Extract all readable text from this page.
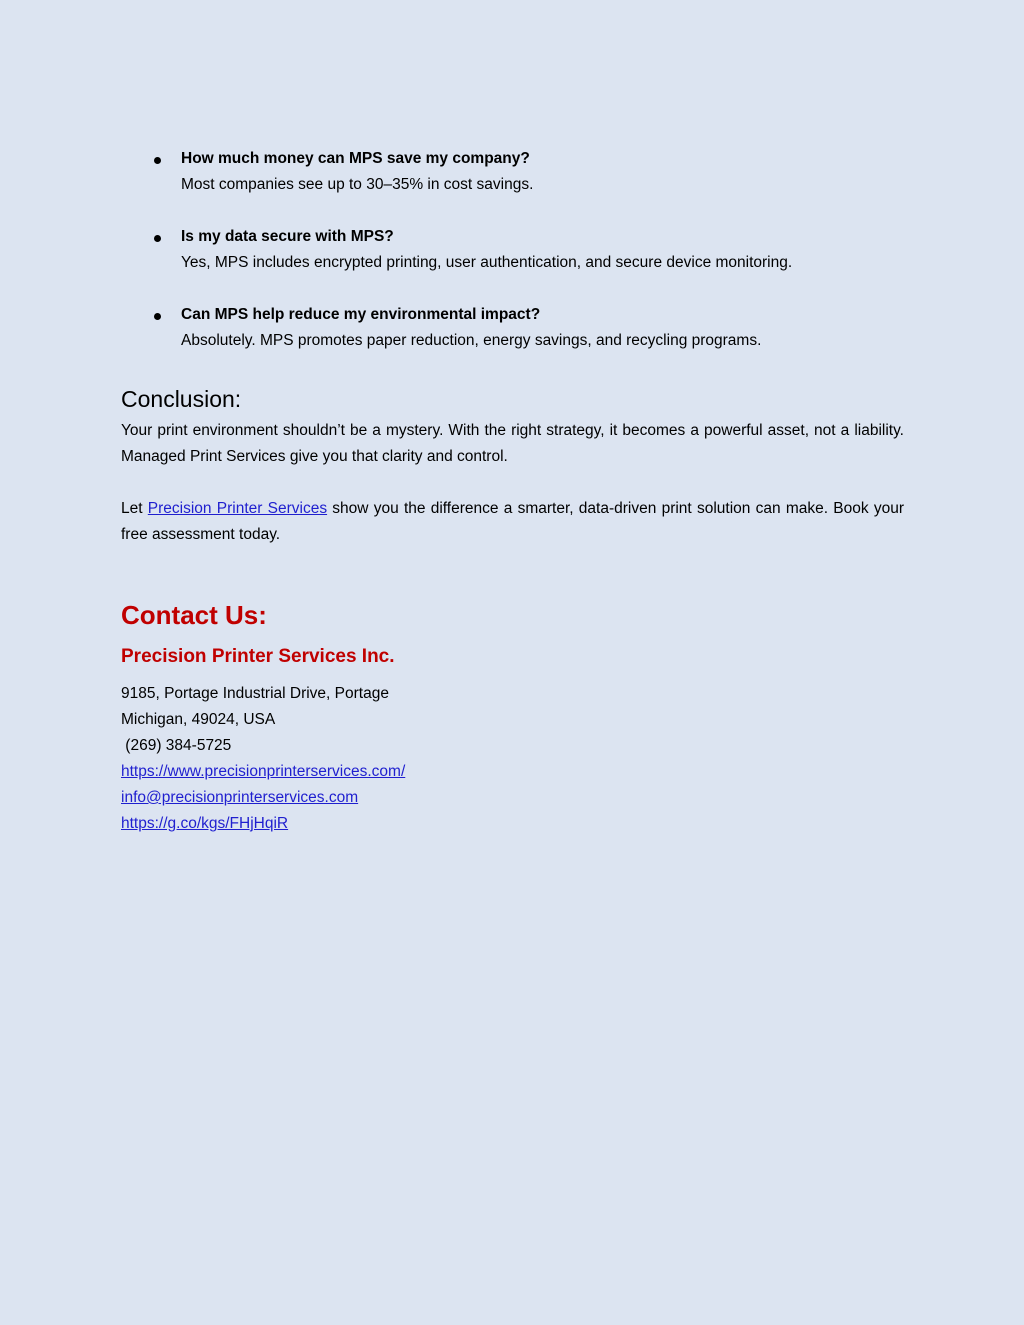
How much money can MPS save my company?
Most companies see up to 30–35% in cost savings.
Is my data secure with MPS?
Yes, MPS includes encrypted printing, user authentication, and secure device monitoring.
Can MPS help reduce my environmental impact?
Absolutely. MPS promotes paper reduction, energy savings, and recycling programs.
Conclusion:

Your print environment shouldn’t be a mystery. With the right strategy, it becomes a powerful asset, not a liability. Managed Print Services give you that clarity and control.

Let Precision Printer Services show you the difference a smarter, data-driven print solution can make. Book your free assessment today.

Contact Us:
Precision Printer Services Inc.
9185, Portage Industrial Drive, Portage
Michigan, 49024, USA
(269) 384-5725
https://www.precisionprinterservices.com/
info@precisionprinterservices.com
https://g.co/kgs/FHjHqiR
